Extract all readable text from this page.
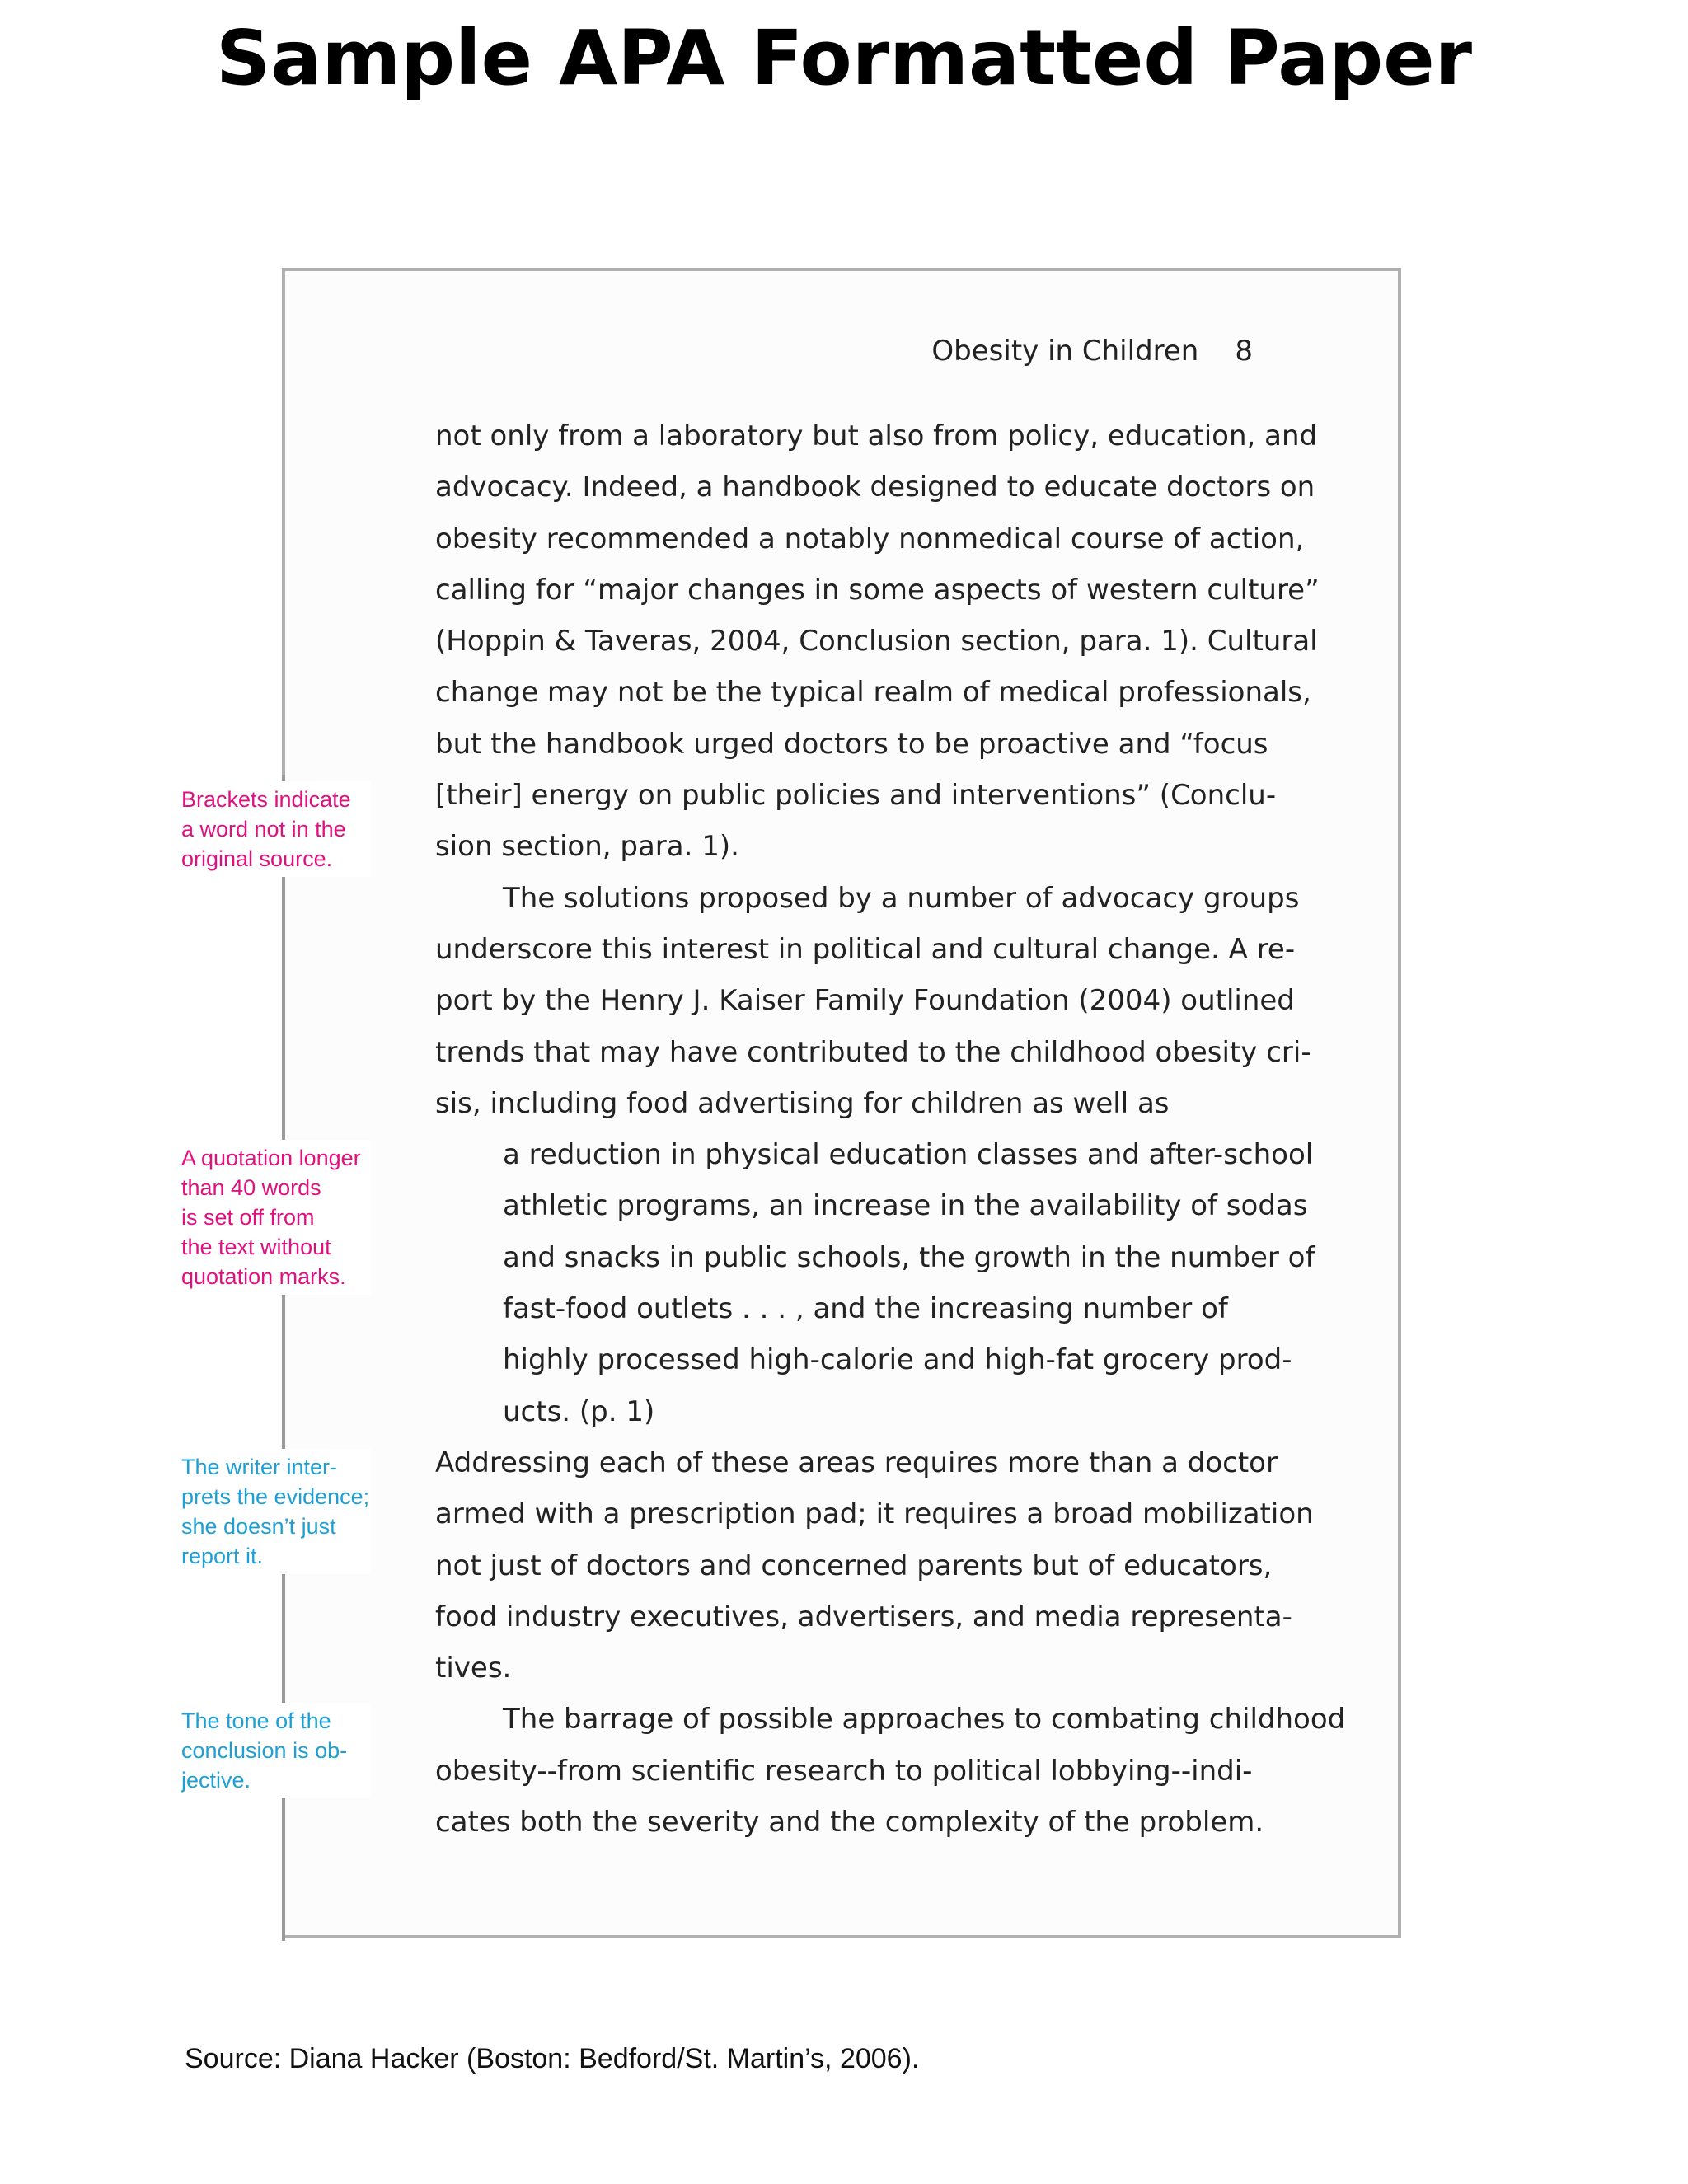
Sample APA Formatted Paper
Obesity in Children 8
not only from a laboratory but also from policy, education, and
advocacy. Indeed, a handbook designed to educate doctors on
obesity recommended a notably nonmedical course of action,
calling for “major changes in some aspects of western culture”
(Hoppin & Taveras, 2004, Conclusion section, para. 1). Cultural
change may not be the typical realm of medical professionals,
but the handbook urged doctors to be proactive and “focus
[their] energy on public policies and interventions” (Conclu-
sion section, para. 1).
The solutions proposed by a number of advocacy groups
underscore this interest in political and cultural change. A re-
port by the Henry J. Kaiser Family Foundation (2004) outlined
trends that may have contributed to the childhood obesity cri-
sis, including food advertising for children as well as
a reduction in physical education classes and after-school
athletic programs, an increase in the availability of sodas
and snacks in public schools, the growth in the number of
fast-food outlets . . . , and the increasing number of
highly processed high-calorie and high-fat grocery prod-
ucts. (p. 1)
Addressing each of these areas requires more than a doctor
armed with a prescription pad; it requires a broad mobilization
not just of doctors and concerned parents but of educators,
food industry executives, advertisers, and media representa-
tives.
The barrage of possible approaches to combating childhood
obesity--from scientific research to political lobbying--indi-
cates both the severity and the complexity of the problem.
Brackets indicate
a word not in the
original source.
A quotation longer
than 40 words
is set off from
the text without
quotation marks.
The writer inter-
prets the evidence;
she doesn’t just
report it.
The tone of the
conclusion is ob-
jective.
Source: Diana Hacker (Boston: Bedford/St. Martin’s, 2006).
